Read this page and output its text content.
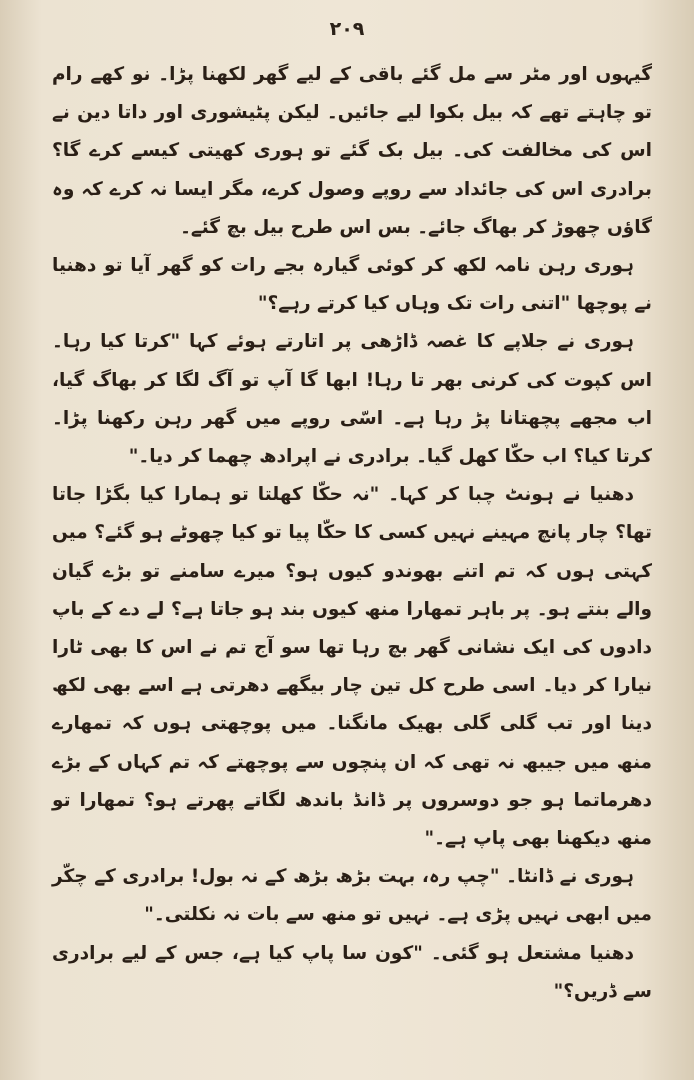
۲۰۹

گیہوں اور مٹر سے مل گئے باقی کے لیے گھر لکھنا پڑا۔ نو کھے رام تو چاہتے تھے کہ بیل بکوا لیے جائیں۔ لیکن پٹیشوری اور داتا دین نے اس کی مخالفت کی۔ بیل بک گئے تو ہوری کھیتی کیسے کرے گا؟ برادری اس کی جائداد سے روپے وصول کرے، مگر ایسا نہ کرے کہ وہ گاؤں چھوڑ کر بھاگ جائے۔ بس اس طرح بیل بچ گئے۔

ہوری رہن نامہ لکھ کر کوئی گیارہ بجے رات کو گھر آیا تو دھنیا نے پوچھا "اتنی رات تک وہاں کیا کرتے رہے؟"

ہوری نے جلاپے کا غصہ ڈاڑھی پر اتارتے ہوئے کہا "کرتا کیا رہا۔ اس کپوت کی کرنی بھر تا رہا! ابھا گا آپ تو آگ لگا کر بھاگ گیا، اب مجھے پچھتانا پڑ رہا ہے۔ اسّی روپے میں گھر رہن رکھنا پڑا۔ کرتا کیا؟ اب حکّا کھل گیا۔ برادری نے اپرادھ چھما کر دیا۔"

دھنیا نے ہونٹ چبا کر کہا۔ "نہ حکّا کھلتا تو ہمارا کیا بگڑا جاتا تھا؟ چار پانچ مہینے نہیں کسی کا حکّا پیا تو کیا چھوٹے ہو گئے؟ میں کہتی ہوں کہ تم اتنے بھوندو کیوں ہو؟ میرے سامنے تو بڑے گیان والے بنتے ہو۔ پر باہر تمھارا منھ کیوں بند ہو جاتا ہے؟ لے دے کے باپ دادوں کی ایک نشانی گھر بچ رہا تھا سو آج تم نے اس کا بھی ٹارا نیارا کر دیا۔ اسی طرح کل تین چار بیگھے دھرتی ہے اسے بھی لکھ دینا اور تب گلی گلی بھیک مانگنا۔ میں پوچھتی ہوں کہ تمھارے منھ میں جیبھ نہ تھی کہ ان پنچوں سے پوچھتے کہ تم کہاں کے بڑے دھرماتما ہو جو دوسروں پر ڈانڈ باندھ لگاتے پھرتے ہو؟ تمھارا تو منھ دیکھنا بھی پاپ ہے۔"

ہوری نے ڈانٹا۔ "چپ رہ، بہت بڑھ بڑھ کے نہ بول! برادری کے چکّر میں ابھی نہیں پڑی ہے۔ نہیں تو منھ سے بات نہ نکلتی۔"

دھنیا مشتعل ہو گئی۔ "کون سا پاپ کیا ہے، جس کے لیے برادری سے ڈریں؟"
